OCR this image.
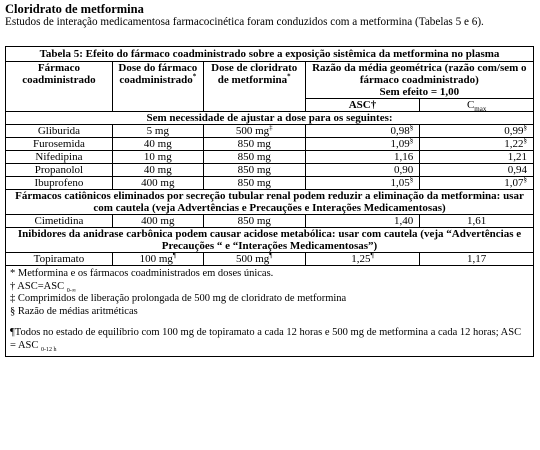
Cloridrato de metformina
Estudos de interação medicamentosa farmacocinética foram conduzidos com a metformina (Tabelas 5 e 6).
Tabela 5: Efeito do fármaco coadministrado sobre a exposição sistêmica da metformina no plasma				
Fármaco coadministrado	Dose do fármaco coadministrado*	Dose de cloridrato de metformina*	Razão da média geométrica (razão com/sem o fármaco coadministrado)
Sem efeito = 1,00	
			ASC†	$C_{max}$
Sem necessidade de ajustar a dose para os seguintes:				
Gliburida	5 mg	500 mg‡	0,98§	0,99§
Furosemida	40 mg	850 mg	1,09§	1,22§
Nifedipina	10 mg	850 mg	1,16	1,21
Propanolol	40 mg	850 mg	0,90	0,94
Ibuprofeno	400 mg	850 mg	1,05§	1,07§
Fármacos catiônicos eliminados por secreção tubular renal podem reduzir a eliminação da metformina: usar com cautela (veja Advertências e Precauções e Interações Medicamentosas)				
Cimetidina	400 mg	850 mg	1,40	1,61
Inibidores da anidrase carbônica podem causar acidose metabólica: usar com cautela (veja “Advertências e Precauções “ e “Interações Medicamentosas”)				
Topiramato	100 mg¶	500 mg¶	1,25¶	1,17

* Metformina e os fármacos coadministrados em doses únicas.
† ASC=ASC $_{0-\infty}$
‡ Comprimidos de liberação prolongada de 500 mg de cloridrato de metformina
§ Razão de médias aritméticas
¶Todos no estado de equilíbrio com 100 mg de topiramato a cada 12 horas e 500 mg de metformina a cada 12 horas; ASC = ASC $_{0-12 h}$
